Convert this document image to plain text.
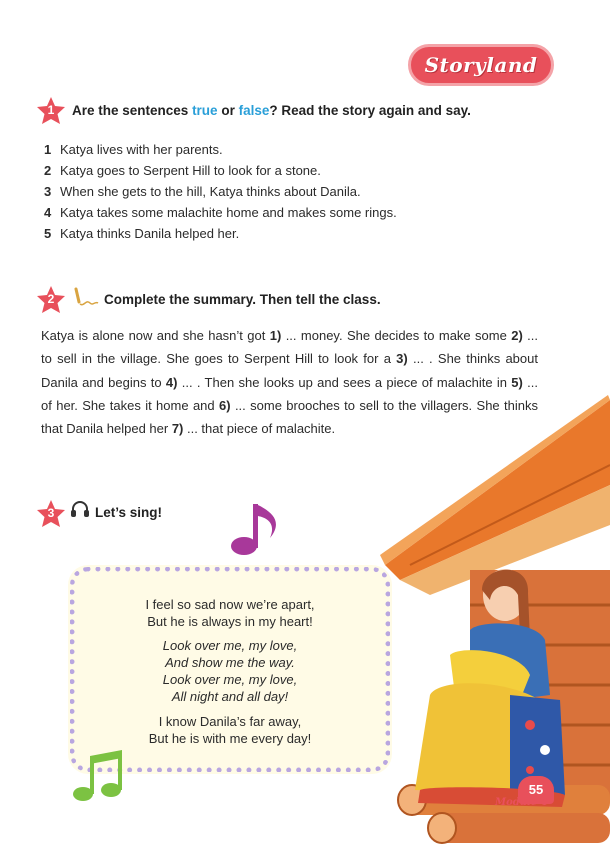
Storyland
1	Are the sentences true or false? Read the story again and say.
1 Katya lives with her parents.
2 Katya goes to Serpent Hill to look for a stone.
3 When she gets to the hill, Katya thinks about Danila.
4 Katya takes some malachite home and makes some rings.
5 Katya thinks Danila helped her.
2	Complete the summary. Then tell the class.
Katya is alone now and she hasn’t got 1) ... money. She decides to make some 2) ... to sell in the village. She goes to Serpent Hill to look for a 3) ... . She thinks about Danila and begins to 4) ... . Then she looks up and sees a piece of malachite in 5) ... of her. She takes it home and 6) ... some brooches to sell to the villagers. She thinks that Danila helped her 7) ... that piece of malachite.
3	Let’s sing!
I feel so sad now we’re apart,
But he is always in my heart!
Look over me, my love,
And show me the way.
Look over me, my love,
All night and all day!
I know Danila’s far away,
But he is with me every day!
55
Module 4
